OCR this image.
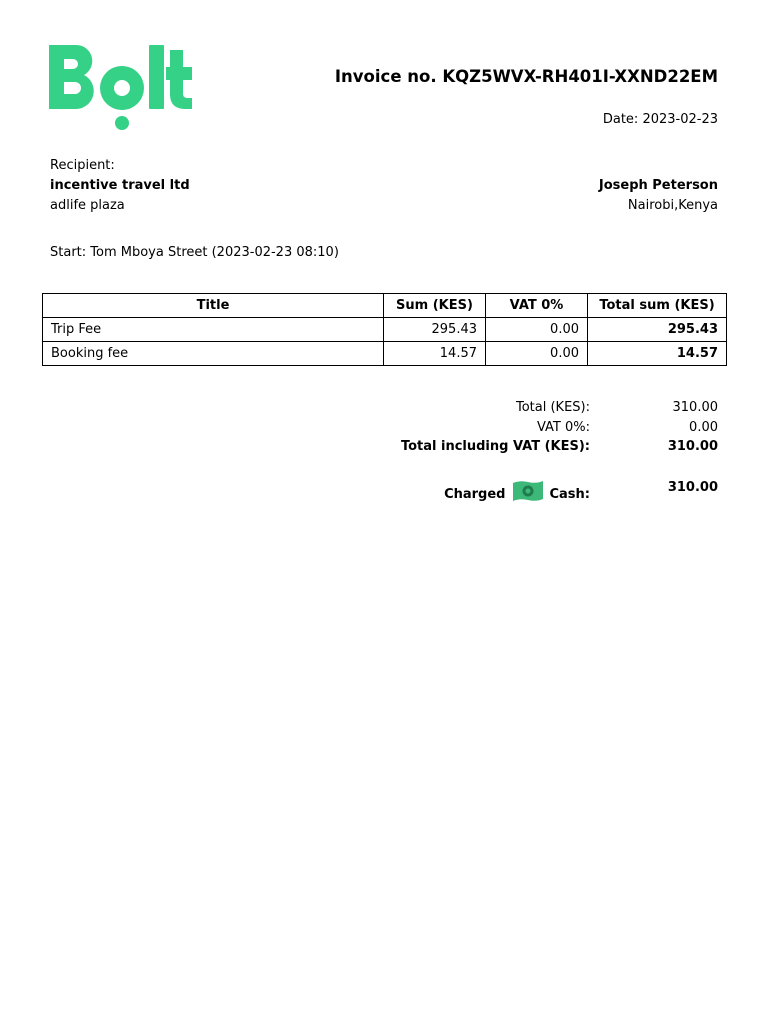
Invoice no. KQZ5WVX-RH401I-XXND22EM
Date: 2023-02-23
Recipient:
incentive travel ltd
adlife plaza
Joseph Peterson
Nairobi,Kenya
Start: Tom Mboya Street (2023-02-23 08:10)
Title	Sum (KES)	VAT 0%	Total sum (KES)
Trip Fee	295.43	0.00	295.43
Booking fee	14.57	0.00	14.57
Total (KES):	310.00
VAT 0%:	0.00
Total including VAT (KES):	310.00
Charged	Cash:	310.00
